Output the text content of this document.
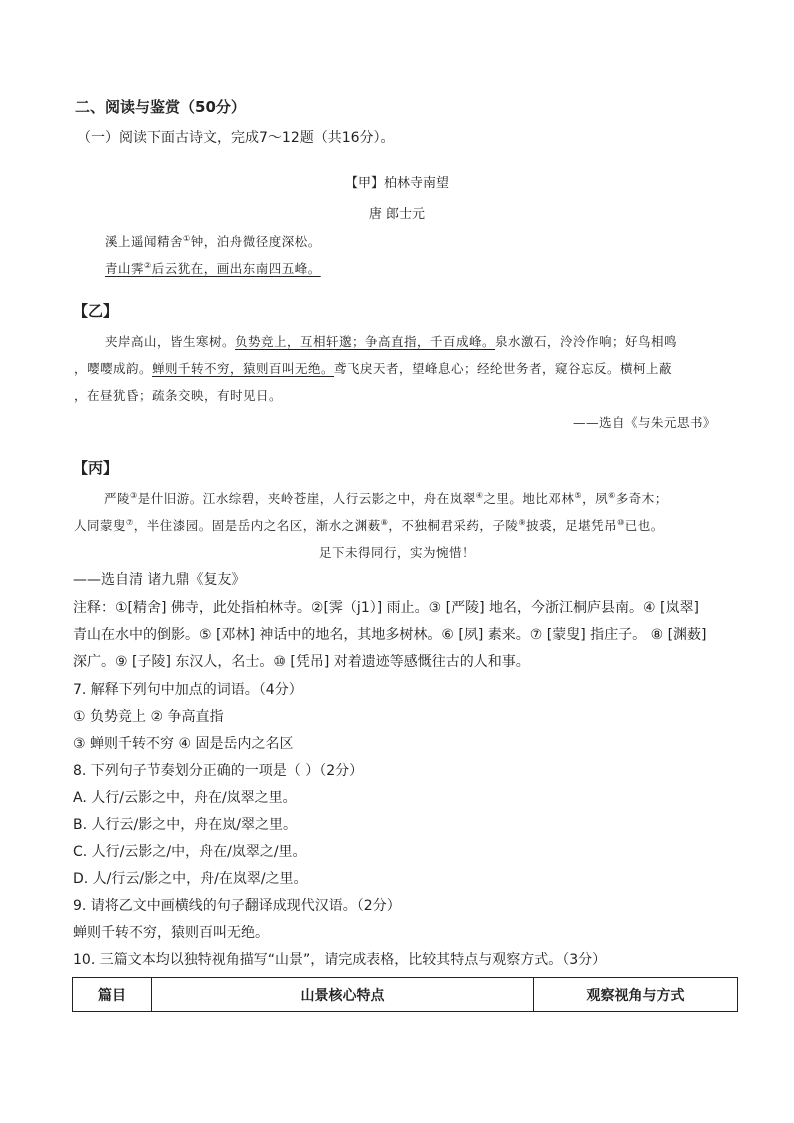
二、阅读与鉴赏（50分）
（一）阅读下面古诗文，完成7～12题（共16分）。
【甲】柏林寺南望
唐 郎士元
溪上遥闻精舍①钟，泊舟微径度深松。
青山霁②后云犹在，画出东南四五峰。
【乙】
夹岸高山，皆生寒树。负势竞上，互相轩邈；争高直指，千百成峰。泉水激石，泠泠作响；好鸟相鸣
，嘤嘤成韵。蝉则千转不穷，猿则百叫无绝。鸢飞戾天者，望峰息心；经纶世务者，窥谷忘反。横柯上蔽
，在昼犹昏；疏条交映，有时见日。
——选自《与朱元思书》
【丙】
严陵③是什旧游。江水综碧，夹岭苍崖，人行云影之中，舟在岚翠④之里。地比邓林⑤，夙⑥多奇木；
人同蒙叟⑦，半住漆园。固是岳内之名区，渐水之渊薮⑧，不独桐君采药，子陵⑨披裘，足堪凭吊⑩已也。
足下未得同行，实为惋惜！
——选自清 诸九鼎《复友》
注释：①[精舍] 佛寺，此处指柏林寺。②[霁（j1）] 雨止。③ [严陵] 地名，今浙江桐庐县南。④ [岚翠]
青山在水中的倒影。⑤ [邓林] 神话中的地名，其地多树林。⑥ [夙] 素来。⑦ [蒙叟] 指庄子。 ⑧ [渊薮]
深广。⑨ [子陵] 东汉人，名士。⑩ [凭吊] 对着遗迹等感慨往古的人和事。
7. 解释下列句中加点的词语。（4分）
① 负势竞上 ② 争高直指
③ 蝉则千转不穷 ④ 固是岳内之名区
8. 下列句子节奏划分正确的一项是（ ）（2分）
A. 人行/云影之中，舟在/岚翠之里。
B. 人行云/影之中，舟在岚/翠之里。
C. 人行/云影之/中，舟在/岚翠之/里。
D. 人/行云/影之中，舟/在岚翠/之里。
9. 请将乙文中画横线的句子翻译成现代汉语。（2分）
蝉则千转不穷，猿则百叫无绝。
10. 三篇文本均以独特视角描写“山景”，请完成表格，比较其特点与观察方式。（3分）
篇目	山景核心特点	观察视角与方式
